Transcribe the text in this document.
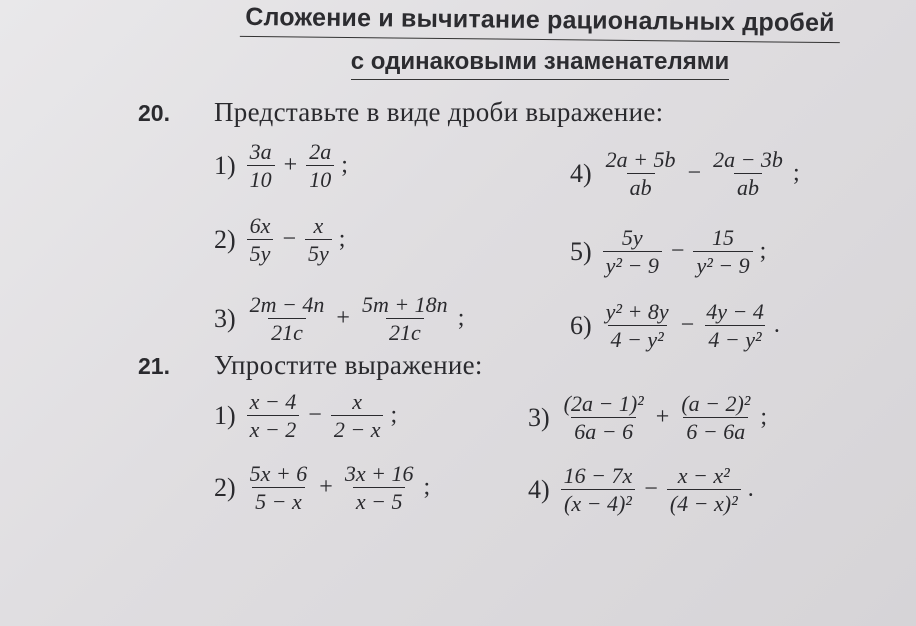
Сложение и вычитание рациональных дробей
с одинаковыми знаменателями
20. Представьте в виде дроби выражение:
$1) \frac{3a}{10} + \frac{2a}{10}$ ;
$2) \frac{6x}{5y} - \frac{x}{5y}$ ;
$3) \frac{2m - 4n}{21c} + \frac{5m + 18n}{21c}$ ;
$4) \frac{2a + 5b}{ab} - \frac{2a - 3b}{ab}$ ;
$5) \frac{5y}{\text{y² − 9}} - \frac{15}{\text{y² − 9}}$ ;
$6) \frac{\text{y² + 8y}}{\text{4 − y²}} - \frac{4y - 4}{\text{4 − y²}}$ .
21. Упростите выражение:
$1) \frac{x - 4}{x - 2} - \frac{x}{2 - x}$ ;
$2) \frac{5x + 6}{5 - x} + \frac{3x + 16}{x - 5}$ ;
$3) \frac{\text{(2a − 1)²}}{6a - 6} + \frac{\text{(a − 2)²}}{6 - 6a}$ ;
$4) \frac{16 - 7x}{\text{(x − 4)²}} - \frac{\text{x − x²}}{\text{(4 − x)²}}$ .
